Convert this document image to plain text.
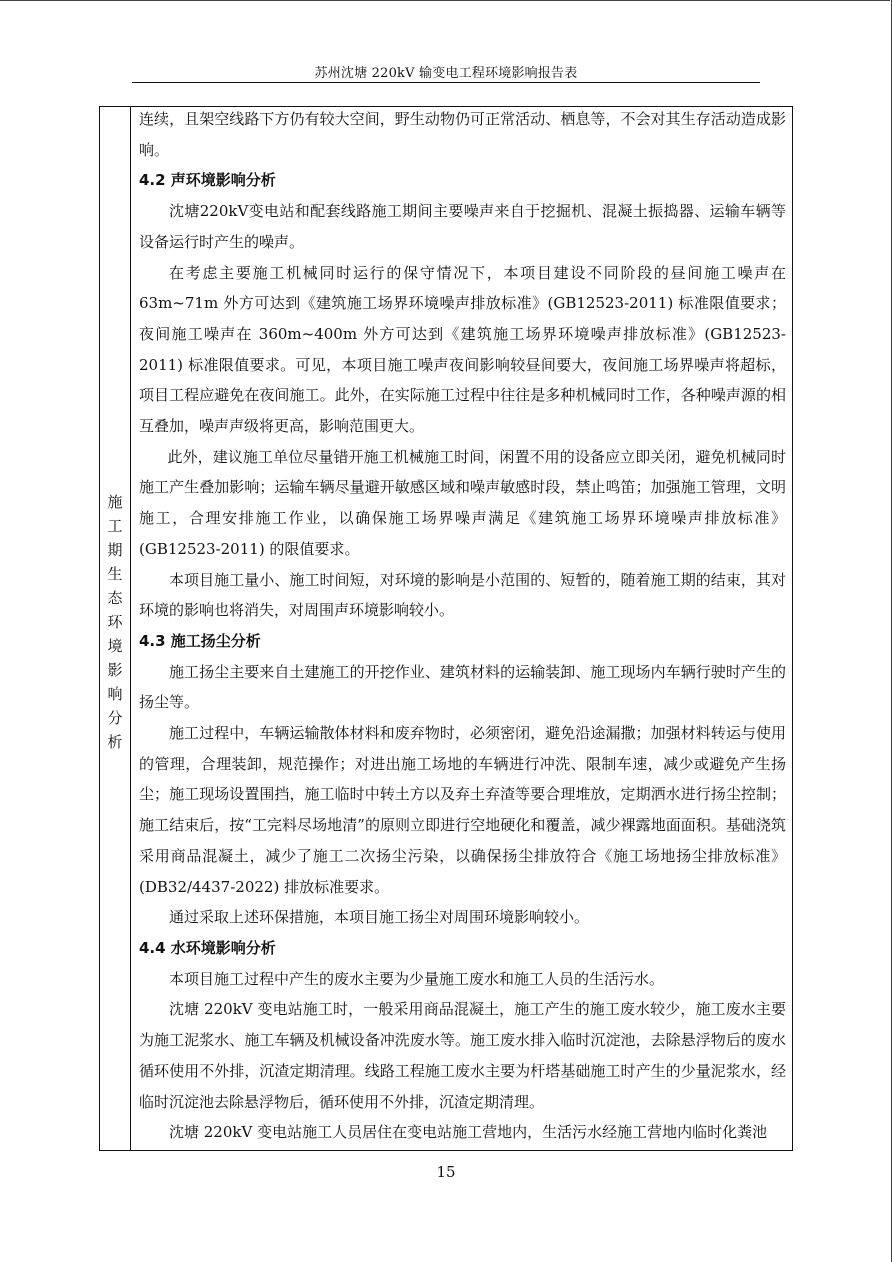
苏州沈塘 220kV 输变电工程环境影响报告表
施
工
期
生
态
环
境
影
响
分
析

连续，且架空线路下方仍有较大空间，野生动物仍可正常活动、栖息等，不会对其生存活动造成影响。

4.2 声环境影响分析

沈塘220kV变电站和配套线路施工期间主要噪声来自于挖掘机、混凝土振捣器、运输车辆等设备运行时产生的噪声。

在考虑主要施工机械同时运行的保守情况下，本项目建设不同阶段的昼间施工噪声在63m~71m 外方可达到《建筑施工场界环境噪声排放标准》(GB12523-2011) 标准限值要求；夜间施工噪声在 360m~400m 外方可达到《建筑施工场界环境噪声排放标准》(GB12523-2011) 标准限值要求。可见，本项目施工噪声夜间影响较昼间要大，夜间施工场界噪声将超标，项目工程应避免在夜间施工。此外，在实际施工过程中往往是多种机械同时工作，各种噪声源的相互叠加，噪声声级将更高，影响范围更大。

此外，建议施工单位尽量错开施工机械施工时间，闲置不用的设备应立即关闭，避免机械同时施工产生叠加影响；运输车辆尽量避开敏感区域和噪声敏感时段，禁止鸣笛；加强施工管理，文明施工，合理安排施工作业，以确保施工场界噪声满足《建筑施工场界环境噪声排放标准》(GB12523-2011) 的限值要求。

本项目施工量小、施工时间短，对环境的影响是小范围的、短暂的，随着施工期的结束，其对环境的影响也将消失，对周围声环境影响较小。

4.3 施工扬尘分析

施工扬尘主要来自土建施工的开挖作业、建筑材料的运输装卸、施工现场内车辆行驶时产生的扬尘等。

施工过程中，车辆运输散体材料和废弃物时，必须密闭，避免沿途漏撒；加强材料转运与使用的管理，合理装卸，规范操作；对进出施工场地的车辆进行冲洗、限制车速，减少或避免产生扬尘；施工现场设置围挡，施工临时中转土方以及弃土弃渣等要合理堆放，定期洒水进行扬尘控制；施工结束后，按“工完料尽场地清”的原则立即进行空地硬化和覆盖，减少裸露地面面积。基础浇筑采用商品混凝土，减少了施工二次扬尘污染，以确保扬尘排放符合《施工场地扬尘排放标准》(DB32/4437-2022) 排放标准要求。

通过采取上述环保措施，本项目施工扬尘对周围环境影响较小。

4.4 水环境影响分析

本项目施工过程中产生的废水主要为少量施工废水和施工人员的生活污水。

沈塘 220kV 变电站施工时，一般采用商品混凝土，施工产生的施工废水较少，施工废水主要为施工泥浆水、施工车辆及机械设备冲洗废水等。施工废水排入临时沉淀池，去除悬浮物后的废水循环使用不外排，沉渣定期清理。线路工程施工废水主要为杆塔基础施工时产生的少量泥浆水，经临时沉淀池去除悬浮物后，循环使用不外排，沉渣定期清理。

沈塘 220kV 变电站施工人员居住在变电站施工营地内，生活污水经施工营地内临时化粪池

15
